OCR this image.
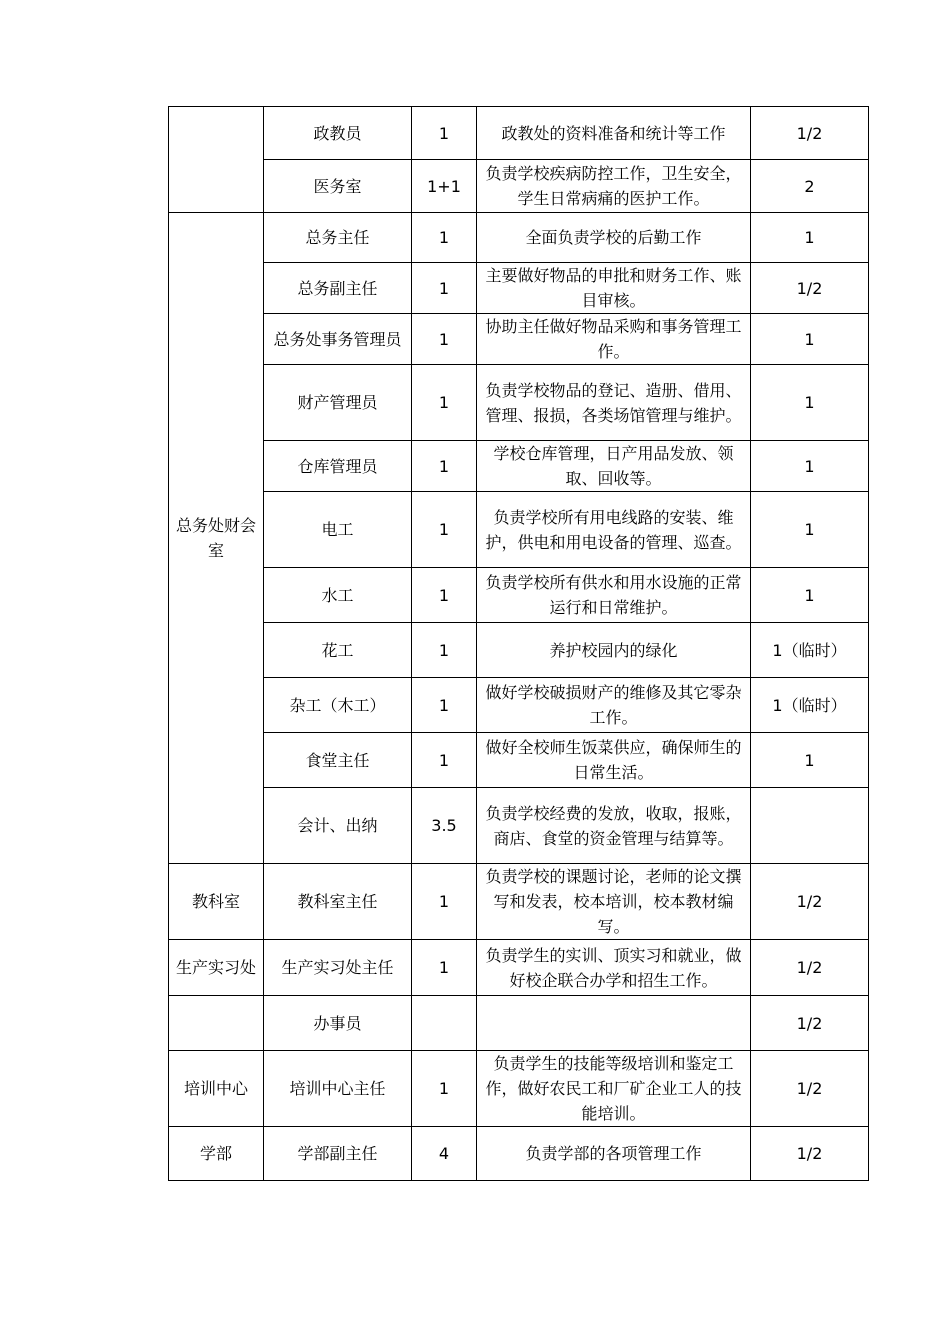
	政教员	1	政教处的资料准备和统计等工作	1/2
	医务室	1+1	负责学校疾病防控工作，卫生安全，学生日常病痛的医护工作。	2
总务处财会室	总务主任	1	全面负责学校的后勤工作	1
	总务副主任	1	主要做好物品的申批和财务工作、账目审核。	1/2
	总务处事务管理员	1	协助主任做好物品采购和事务管理工作。	1
	财产管理员	1	负责学校物品的登记、造册、借用、管理、报损，各类场馆管理与维护。	1
	仓库管理员	1	学校仓库管理，日产用品发放、领取、回收等。	1
	电工	1	负责学校所有用电线路的安装、维护，供电和用电设备的管理、巡查。	1
	水工	1	负责学校所有供水和用水设施的正常运行和日常维护。	1
	花工	1	养护校园内的绿化	1（临时）
	杂工（木工）	1	做好学校破损财产的维修及其它零杂工作。	1（临时）
	食堂主任	1	做好全校师生饭菜供应，确保师生的日常生活。	1
	会计、出纳	3.5	负责学校经费的发放，收取，报账，商店、食堂的资金管理与结算等。	
教科室	教科室主任	1	负责学校的课题讨论，老师的论文撰写和发表，校本培训，校本教材编写。	1/2
生产实习处	生产实习处主任	1	负责学生的实训、顶实习和就业，做好校企联合办学和招生工作。	1/2
	办事员			1/2
培训中心	培训中心主任	1	负责学生的技能等级培训和鉴定工作，做好农民工和厂矿企业工人的技能培训。	1/2
学部	学部副主任	4	负责学部的各项管理工作	1/2
